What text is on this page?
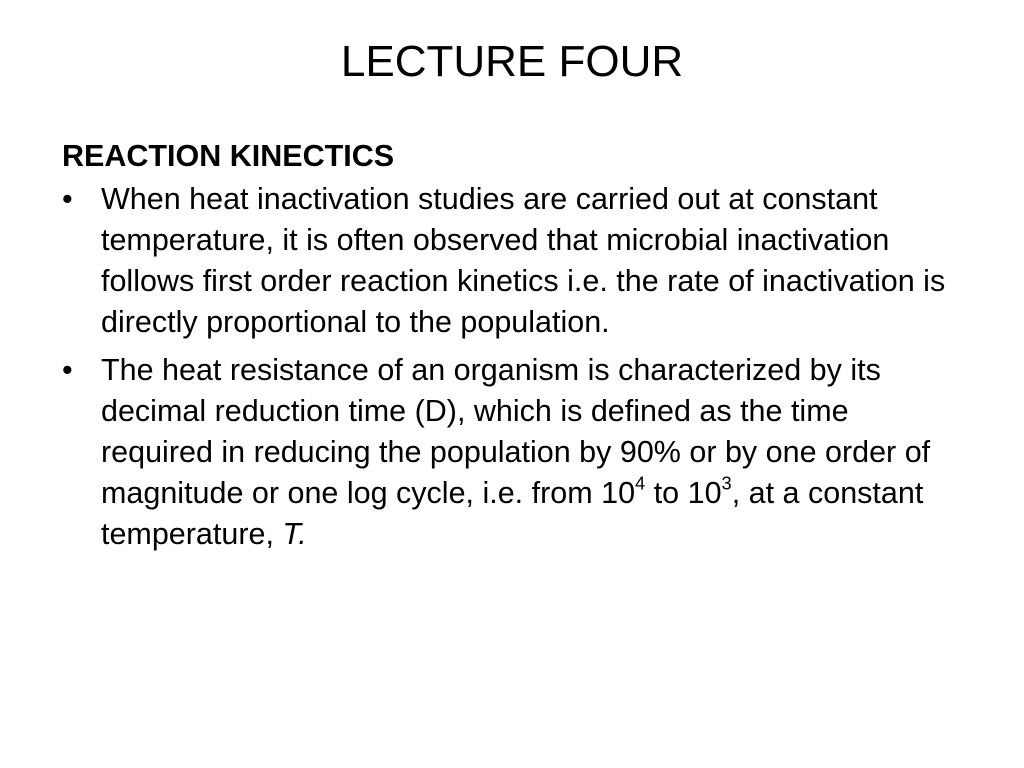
LECTURE FOUR
REACTION KINECTICS
• When heat inactivation studies are carried out at constant temperature, it is often observed that microbial inactivation follows first order reaction kinetics i.e. the rate of inactivation is directly proportional to the population.
• The heat resistance of an organism is characterized by its decimal reduction time (D), which is defined as the time required in reducing the population by 90% or by one order of magnitude or one log cycle, i.e. from $10^4$ to $10^3$, at a constant temperature, T.
